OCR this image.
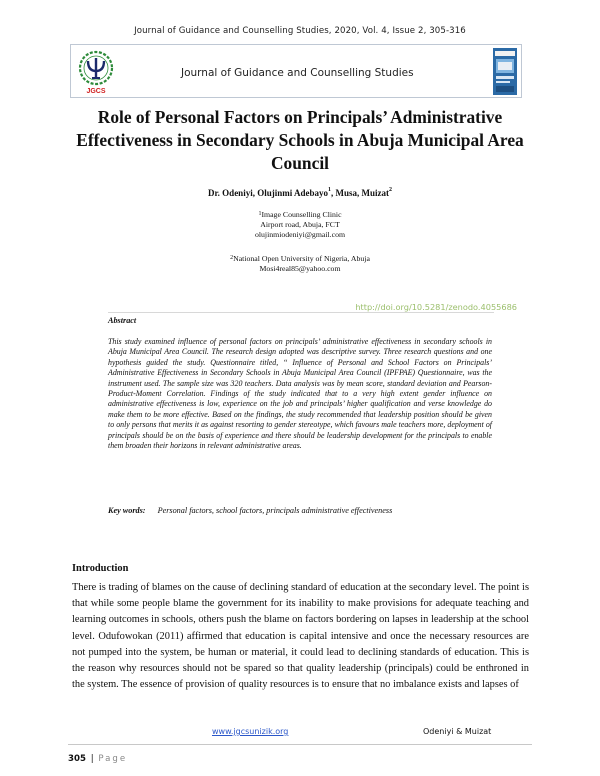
Journal of Guidance and Counselling Studies, 2020, Vol. 4, Issue 2, 305-316
JGCS
Journal of Guidance and Counselling Studies
Role of Personal Factors on Principals’ Administrative Effectiveness in Secondary Schools in Abuja Municipal Area Council
Dr. Odeniyi, Olujinmi Adebayo$^1$, Musa, Muizat$^2$
$^1$Image Counselling Clinic
Airport road, Abuja, FCT
olujinmiodeniyi@gmail.com
$^2$National Open University of Nigeria, Abuja
Mosi4real85@yahoo.com
http://doi.org/10.5281/zenodo.4055686
Abstract
This study examined influence of personal factors on principals’ administrative effectiveness in secondary schools in Abuja Municipal Area Council. The research design adopted was descriptive survey. Three research questions and one hypothesis guided the study. Questionnaire titled, “ Influence of Personal and School Factors on Principals’ Administrative Effectiveness in Secondary Schools in Abuja Municipal Area Council (IPFPAE) Questionnaire, was the instrument used. The sample size was 320 teachers. Data analysis was by mean score, standard deviation and Pearson-Product-Moment Correlation. Findings of the study indicated that to a very high extent gender influence on administrative effectiveness is low, experience on the job and principals’ higher qualification and verse knowledge do make them to be more effective. Based on the findings, the study recommended that leadership position should be given to only persons that merits it as against resorting to gender stereotype, which favours male teachers more, deployment of principals should be on the basis of experience and there should be leadership development for the principals to enable them broaden their horizons in relevant administrative areas.
Key words: Personal factors, school factors, principals administrative effectiveness
Introduction
There is trading of blames on the cause of declining standard of education at the secondary level. The point is that while some people blame the government for its inability to make provisions for adequate teaching and learning outcomes in schools, others push the blame on factors bordering on lapses in leadership at the school level. Odufowokan (2011) affirmed that education is capital intensive and once the necessary resources are not pumped into the system, be human or material, it could lead to declining standards of education. This is the reason why resources should not be spared so that quality leadership (principals) could be enthroned in the system. The essence of provision of quality resources is to ensure that no imbalance exists and lapses of
www.jgcsunizik.org	Odeniyi & Muizat
305 | Page
